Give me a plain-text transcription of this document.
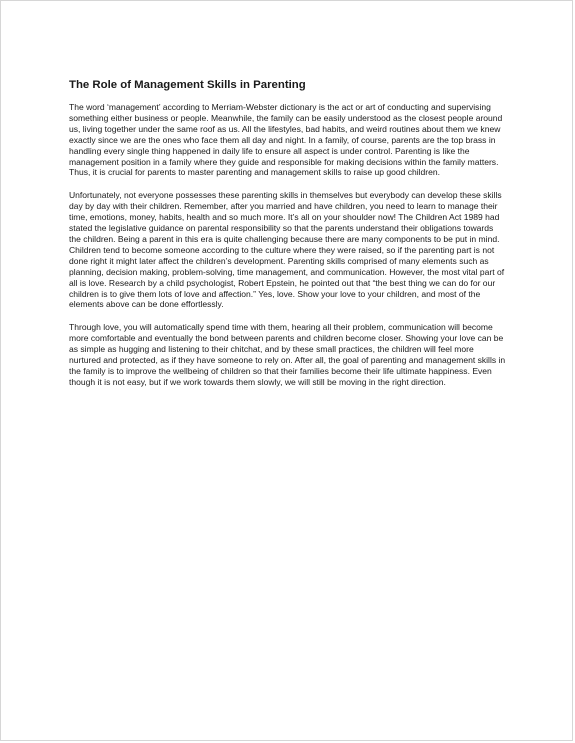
The Role of Management Skills in Parenting

The word ‘management’ according to Merriam-Webster dictionary is the act or art of conducting and supervising something either business or people. Meanwhile, the family can be easily understood as the closest people around us, living together under the same roof as us. All the lifestyles, bad habits, and weird routines about them we knew exactly since we are the ones who face them all day and night. In a family, of course, parents are the top brass in handling every single thing happened in daily life to ensure all aspect is under control. Parenting is like the management position in a family where they guide and responsible for making decisions within the family matters. Thus, it is crucial for parents to master parenting and management skills to raise up good children.

Unfortunately, not everyone possesses these parenting skills in themselves but everybody can develop these skills day by day with their children. Remember, after you married and have children, you need to learn to manage their time, emotions, money, habits, health and so much more. It’s all on your shoulder now! The Children Act 1989 had stated the legislative guidance on parental responsibility so that the parents understand their obligations towards the children. Being a parent in this era is quite challenging because there are many components to be put in mind. Children tend to become someone according to the culture where they were raised, so if the parenting part is not done right it might later affect the children’s development. Parenting skills comprised of many elements such as planning, decision making, problem-solving, time management, and communication. However, the most vital part of all is love. Research by a child psychologist, Robert Epstein, he pointed out that “the best thing we can do for our children is to give them lots of love and affection.” Yes, love. Show your love to your children, and most of the elements above can be done effortlessly.

Through love, you will automatically spend time with them, hearing all their problem, communication will become more comfortable and eventually the bond between parents and children become closer. Showing your love can be as simple as hugging and listening to their chitchat, and by these small practices, the children will feel more nurtured and protected, as if they have someone to rely on. After all, the goal of parenting and management skills in the family is to improve the wellbeing of children so that their families become their life ultimate happiness. Even though it is not easy, but if we work towards them slowly, we will still be moving in the right direction.
